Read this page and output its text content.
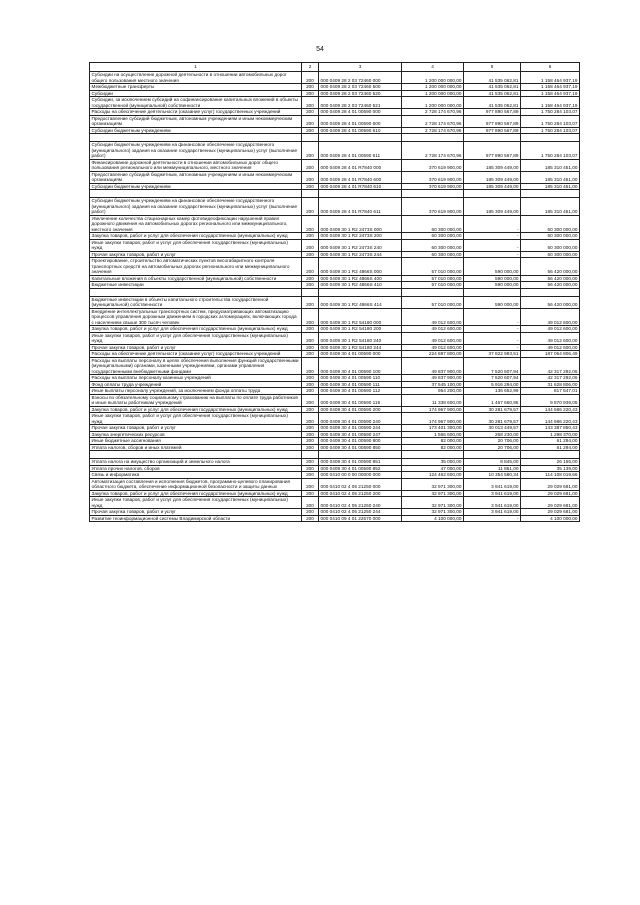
54
1	2	3	4	5	6
Субсидии на осуществление дорожной деятельности в отношении автомобильных дорог общего пользования местного значения	200	000 0409 28 2 03 72460 000	1 200 000 000,00	41 535 062,81	1 158 464 937,19
Межбюджетные трансферты	200	000 0409 28 2 03 72460 500	1 200 000 000,00	41 535 062,81	1 158 464 937,19
Субсидии	200	000 0409 28 2 03 72460 520	1 200 000 000,00	41 535 062,81	1 158 464 937,19
Субсидии, за исключением субсидий на софинансирование капитальных вложений в объекты государственной (муниципальной) собственности	200	000 0409 28 2 03 72460 521	1 200 000 000,00	41 535 062,81	1 158 464 937,19
Расходы на обеспечение деятельности (оказание услуг) государственных учреждений	200	000 0409 28 4 01 00590 000	2 728 174 670,96	977 890 567,89	1 750 284 103,07
Предоставление субсидий бюджетным, автономным учреждениям и иным некоммерческим организациям	200	000 0409 28 4 01 00590 600	2 728 174 670,96	977 890 567,89	1 750 284 103,07
Субсидии бюджетным учреждениям	200	000 0409 28 4 01 00590 610	2 728 174 670,96	977 890 567,89	1 750 284 103,07

Субсидии бюджетным учреждениям на финансовое обеспечение государственного (муниципального) задания на оказание государственных (муниципальных) услуг (выполнение работ)	200	000 0409 28 4 01 00590 611	2 728 174 670,96	977 890 567,89	1 750 284 103,07
Финансирование дорожной деятельности в отношении автомобильных дорог общего пользования регионального или межмуниципального, местного значения	200	000 0409 28 4 01 R7840 000	370 619 900,00	185 309 449,00	185 310 451,00
Предоставление субсидий бюджетным, автономным учреждениям и иным некоммерческим организациям	200	000 0409 28 4 01 R7840 600	370 619 900,00	185 309 449,00	185 310 451,00
Субсидии бюджетным учреждениям	200	000 0409 28 4 01 R7840 610	370 619 900,00	185 309 449,00	185 310 451,00

Субсидии бюджетным учреждениям на финансовое обеспечение государственного (муниципального) задания на оказание государственных (муниципальных) услуг (выполнение работ)	200	000 0409 28 4 01 R7840 611	370 619 900,00	185 309 449,00	185 310 451,00
Увеличение количества стационарных камер фотовидеофиксации нарушений правил дорожного движения на автомобильных дорогах регионального или межмуниципального, местного значения	200	000 0409 30 1 R2 2473S 000	60 300 000,00	-	60 300 000,00
Закупка товаров, работ и услуг для обеспечения государственных (муниципальных) нужд	200	000 0409 30 1 R2 2473S 200	60 300 000,00	-	60 300 000,00
Иные закупки товаров, работ и услуг для обеспечения государственных (муниципальных) нужд	200	000 0409 30 1 R2 2473S 240	60 300 000,00	-	60 300 000,00
Прочая закупка товаров, работ и услуг	200	000 0409 30 1 R2 2473S 244	60 300 000,00	-	60 300 000,00
Проектирование, строительство автоматических пунктов весогабаритного контроля транспортных средств на автомобильных дорогах регионального или межмуниципального значения	200	000 0409 30 1 R2 4866S 000	57 010 000,00	590 000,00	56 420 000,00
Капитальные вложения в объекты государственной (муниципальной) собственности	200	000 0409 30 1 R2 4866S 400	57 010 000,00	590 000,00	56 420 000,00
Бюджетные инвестиции	200	000 0409 30 1 R2 4866S 410	57 010 000,00	590 000,00	56 420 000,00

Бюджетные инвестиции в объекты капитального строительства государственной (муниципальной) собственности	200	000 0409 30 1 R2 4866S 414	57 010 000,00	590 000,00	56 420 000,00
Внедрение интеллектуальных транспортных систем, предусматривающих автоматизацию процессов управления дорожным движением в городских агломерациях, включающих города с населением свыше 300 тысяч человек	200	000 0409 30 1 R2 54180 000	49 012 600,00	-	49 012 600,00
Закупка товаров, работ и услуг для обеспечения государственных (муниципальных) нужд	200	000 0409 30 1 R2 54180 200	49 012 600,00	-	49 012 600,00
Иные закупки товаров, работ и услуг для обеспечения государственных (муниципальных) нужд	200	000 0409 30 1 R2 54180 240	49 012 600,00	-	49 012 600,00
Прочая закупка товаров, работ и услуг	200	000 0409 30 1 R2 54180 244	49 012 600,00	-	49 012 600,00
Расходы на обеспечение деятельности (оказание услуг) государственных учреждений	200	000 0409 30 4 01 00590 000	224 887 800,00	37 822 993,51	187 064 806,49
Расходы на выплаты персоналу в целях обеспечения выполнения функций государственными (муниципальными) органами, казенными учреждениями, органами управления государственными внебюджетными фондами	200	000 0409 30 4 01 00590 100	49 837 900,00	7 520 607,94	42 317 292,06
Расходы на выплаты персоналу казенных учреждений	200	000 0409 30 4 01 00590 110	49 837 900,00	7 520 607,94	42 317 292,06
Фонд оплаты труда учреждений	200	000 0409 30 4 01 00590 111	37 545 100,00	5 916 294,00	31 628 806,00
Иные выплаты персоналу учреждений, за исключением фонда оплаты труда	200	000 0409 30 4 01 00590 112	954 200,00	136 652,99	817 547,01
Взносы по обязательному социальному страхованию на выплаты по оплате труда работников и иные выплаты работникам учреждений	200	000 0409 30 4 01 00590 119	11 338 600,00	1 467 660,95	9 870 939,05
Закупка товаров, работ и услуг для обеспечения государственных (муниципальных) нужд	200	000 0409 30 4 01 00590 200	174 967 900,00	30 281 679,57	144 686 220,43
Иные закупки товаров, работ и услуг для обеспечения государственных (муниципальных) нужд	200	000 0409 30 4 01 00590 240	174 967 900,00	30 281 679,57	144 686 220,43
Прочая закупка товаров, работ и услуг	200	000 0409 30 4 01 00590 244	173 401 300,00	30 013 449,57	143 387 850,43
Закупка энергетических ресурсов	200	000 0409 30 4 01 00590 247	1 566 600,00	268 230,00	1 298 370,00
Иные бюджетные ассигнования	200	000 0409 30 4 01 00590 800	82 000,00	20 706,00	61 294,00
Уплата налогов, сборов и иных платежей	200	000 0409 30 4 01 00590 850	82 000,00	20 706,00	61 294,00

Уплата налога на имущество организаций и земельного налога	200	000 0409 30 4 01 00590 851	35 000,00	8 845,00	26 155,00
Уплата прочих налогов, сборов	200	000 0409 30 4 01 00590 852	47 000,00	11 861,00	35 139,00
Связь и информатика	200	000 0410 00 0 00 00000 000	124 462 600,00	10 354 580,34	114 108 019,66
Автоматизация составления и исполнения бюджетов, программно-целевого планирования областного бюджета, обеспечение информационной безопасности и защиты данных	200	000 0410 02 4 05 21250 000	32 971 300,00	3 941 619,00	29 029 681,00
Закупка товаров, работ и услуг для обеспечения государственных (муниципальных) нужд	200	000 0410 02 4 05 21250 200	32 971 300,00	3 941 619,00	29 029 681,00
Иные закупки товаров, работ и услуг для обеспечения государственных (муниципальных) нужд	200	000 0410 02 4 05 21250 240	32 971 300,00	3 941 619,00	29 029 681,00
Прочая закупка товаров, работ и услуг	200	000 0410 02 4 05 21250 244	32 971 300,00	3 941 619,00	29 029 681,00
Развитие геоинформационной системы Владимирской области	200	000 0410 09 4 01 22670 000	4 100 000,00	-	4 100 000,00
